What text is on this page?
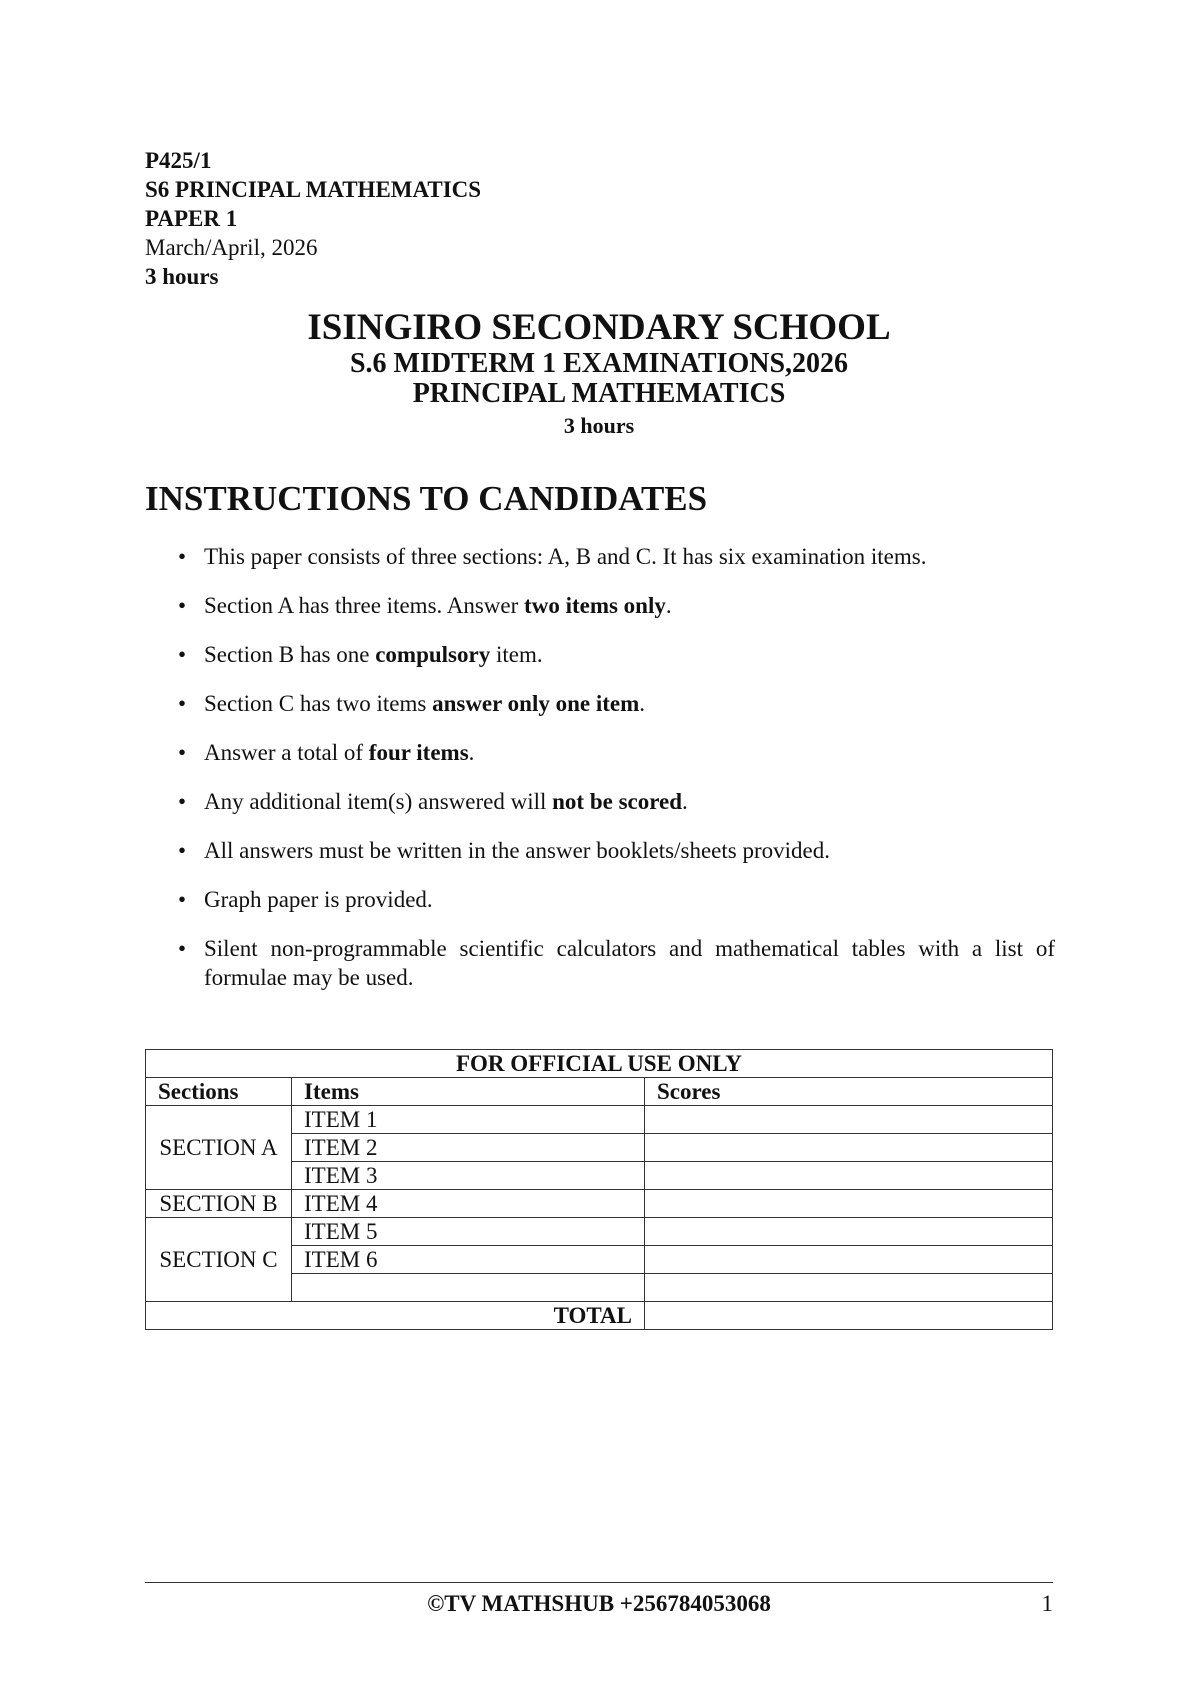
P425/1
S6 PRINCIPAL MATHEMATICS
PAPER 1
March/April, 2026
3 hours
ISINGIRO SECONDARY SCHOOL
S.6 MIDTERM 1 EXAMINATIONS,2026
PRINCIPAL MATHEMATICS
3 hours
INSTRUCTIONS TO CANDIDATES
• This paper consists of three sections: A, B and C. It has six examination items.
• Section A has three items. Answer two items only.
• Section B has one compulsory item.
• Section C has two items answer only one item.
• Answer a total of four items.
• Any additional item(s) answered will not be scored.
• All answers must be written in the answer booklets/sheets provided.
• Graph paper is provided.
• Silent non-programmable scientific calculators and mathematical tables with a list of formulae may be used.
FOR OFFICIAL USE ONLY		
Sections	Items	Scores
SECTION A	ITEM 1	
	ITEM 2	
	ITEM 3	
SECTION B	ITEM 4	
SECTION C	ITEM 5	
	ITEM 6	

TOTAL		
©TV MATHSHUB +256784053068	1
